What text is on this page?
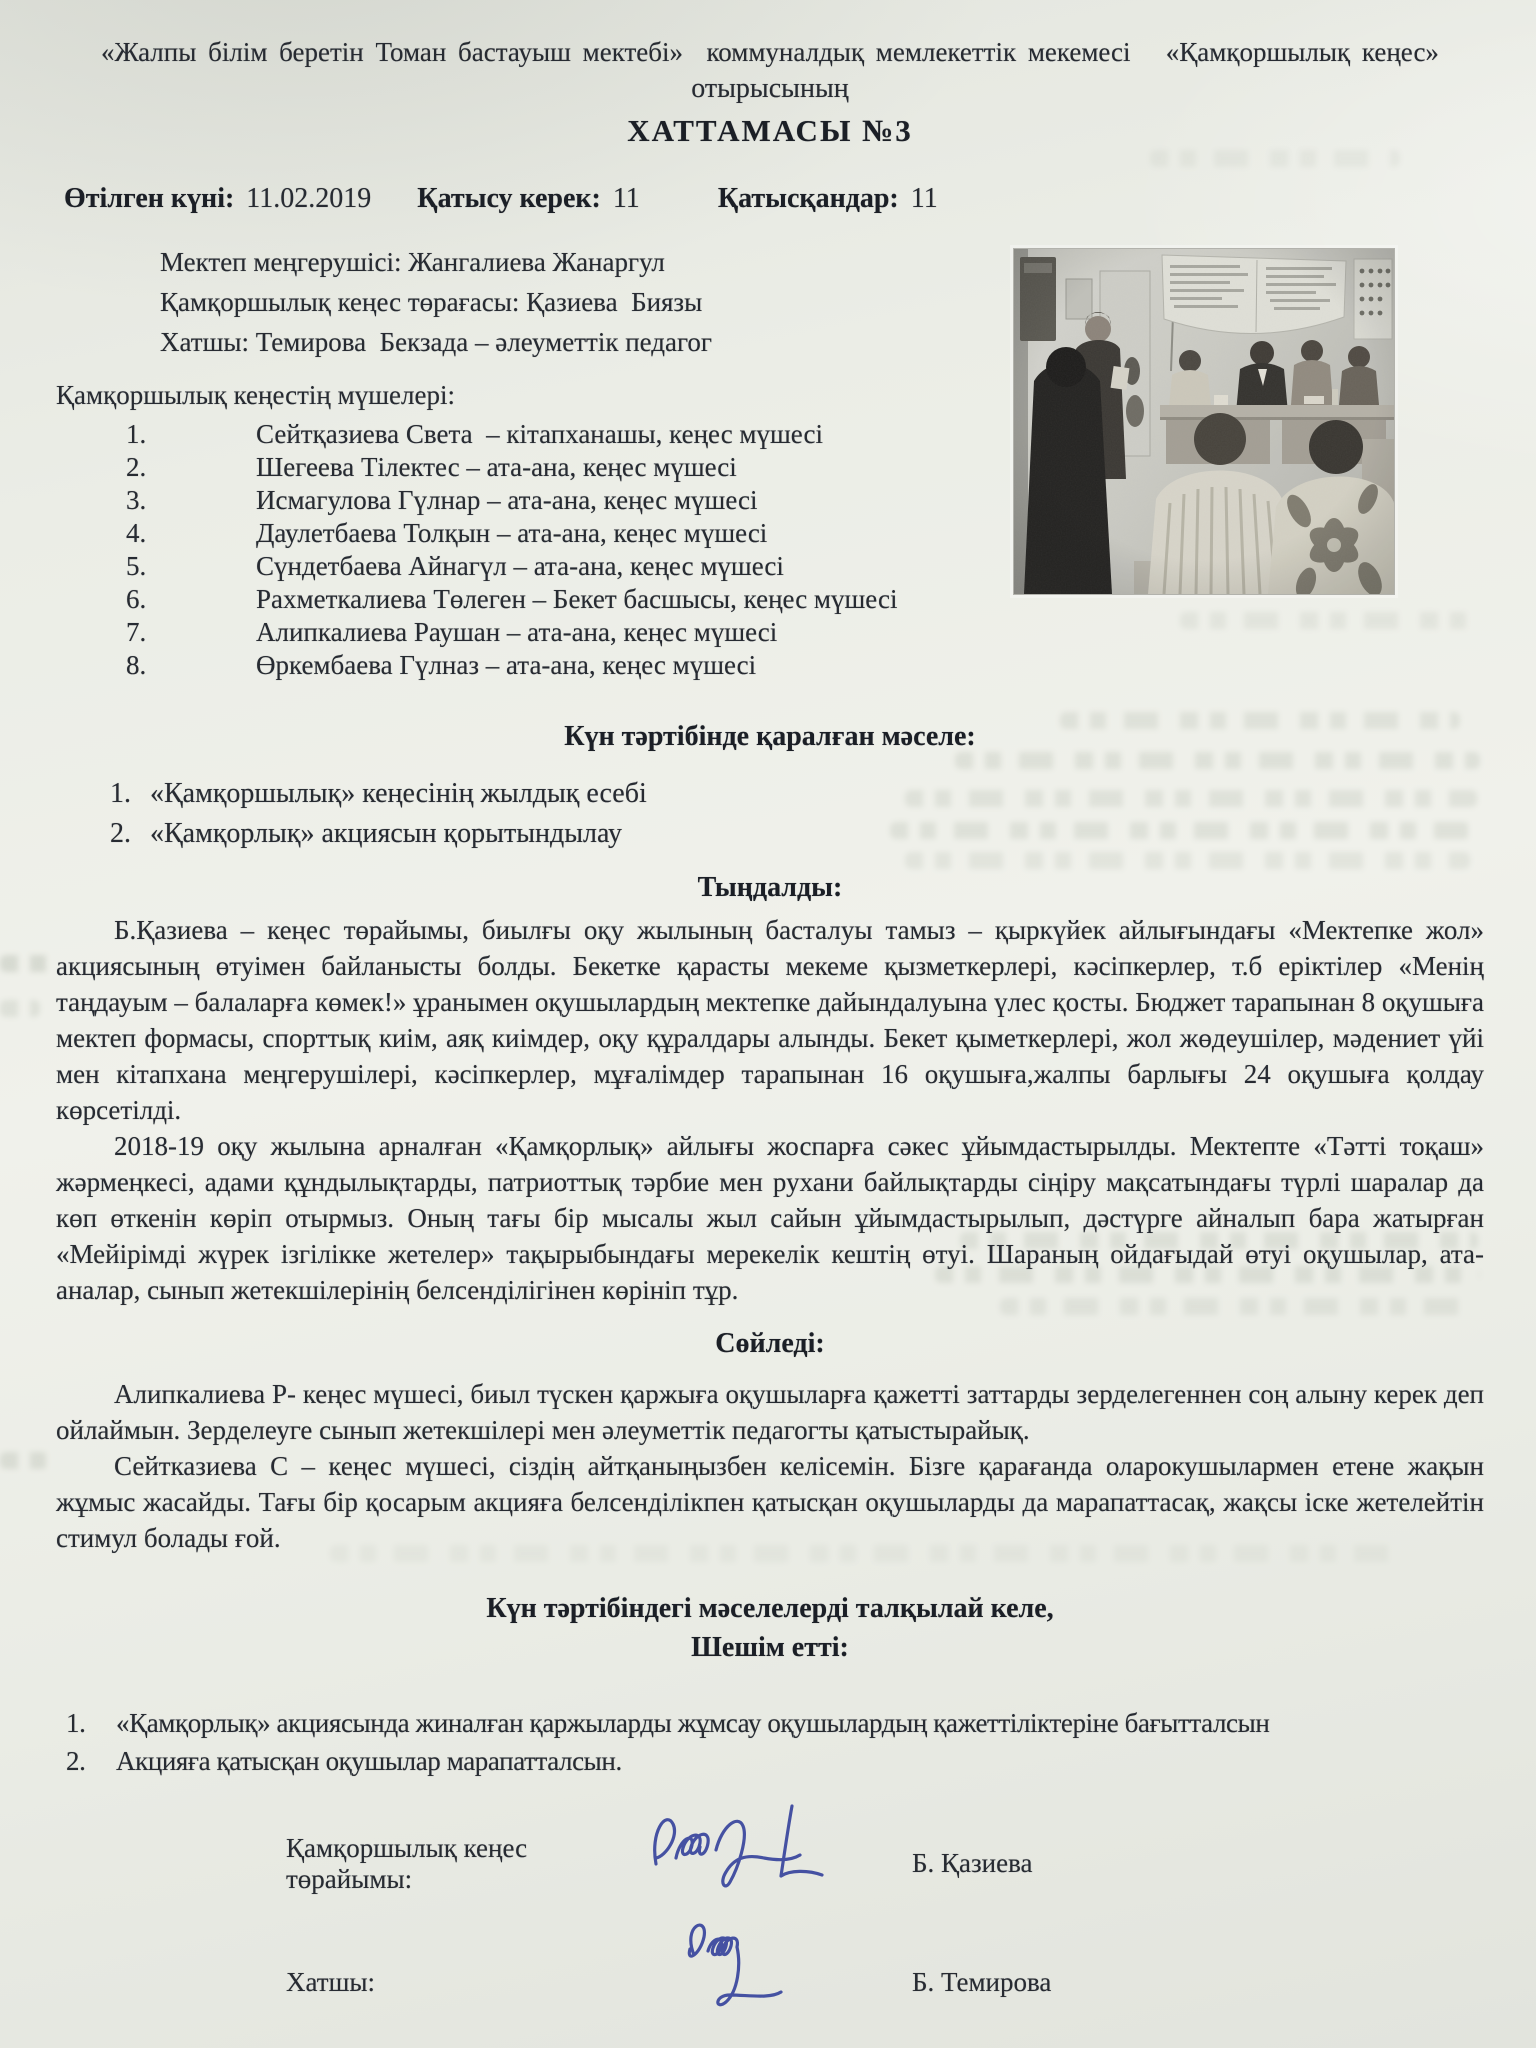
«Жалпы білім беретін Томан бастауыш мектебі»  коммуналдық мемлекеттік мекемесі   «Қамқоршылық кеңес»
отырысының
ХАТТАМАСЫ №3
Өтілген күні: 11.02.2019 Қатысу керек: 11	Қатысқандар: 11
Мектеп меңгерушісі: Жангалиева Жанаргул
Қамқоршылық кеңес төрағасы: Қазиева  Биязы
Хатшы: Темирова  Бекзада – әлеуметтік педагог
Қамқоршылық кеңестің мүшелері:
1.	Сейтқазиева Света  – кітапханашы, кеңес мүшесі
2.	Шегеева Тілектес – ата-ана, кеңес мүшесі
3.	Исмагулова Гүлнар – ата-ана, кеңес мүшесі
4.	Даулетбаева Толқын – ата-ана, кеңес мүшесі
5.	Сүндетбаева Айнагүл – ата-ана, кеңес мүшесі
6.	Рахметкалиева Төлеген – Бекет басшысы, кеңес мүшесі
7.	Алипкалиева Раушан – ата-ана, кеңес мүшесі
8.	Өркембаева Гүлназ – ата-ана, кеңес мүшесі
Күн тәртібінде қаралған мәселе:
1. «Қамқоршылық» кеңесінің жылдық есебі
2. «Қамқорлық» акциясын қорытындылау
Тыңдалды:

Б.Қазиева – кеңес төрайымы, биылғы оқу жылының басталуы тамыз – қыркүйек айлығындағы «Мектепке жол» акциясының өтуімен байланысты болды. Бекетке қарасты мекеме қызметкерлері, кәсіпкерлер, т.б еріктілер «Менің таңдауым – балаларға көмек!» ұранымен оқушылардың мектепке дайындалуына үлес қосты. Бюджет тарапынан 8 оқушыға мектеп формасы, спорттық киім, аяқ киімдер, оқу құралдары алынды. Бекет қыметкерлері, жол жөдеушілер, мәдениет үйі мен кітапхана меңгерушілері, кәсіпкерлер, мұғалімдер тарапынан 16 оқушыға,жалпы барлығы 24 оқушыға қолдау көрсетілді.

2018-19 оқу жылына арналған «Қамқорлық» айлығы жоспарға сәкес ұйымдастырылды. Мектепте «Тәтті тоқаш» жәрмеңкесі, адами құндылықтарды, патриоттық тәрбие мен рухани байлықтарды сіңіру мақсатындағы түрлі шаралар да көп өткенін көріп отырмыз. Оның тағы бір мысалы жыл сайын ұйымдастырылып, дәстүрге айналып бара жатырған «Мейірімді жүрек ізгілікке жетелер» тақырыбындағы мерекелік кештің өтуі. Шараның ойдағыдай өтуі оқушылар, ата-аналар, сынып жетекшілерінің белсенділігінен көрініп тұр.

Сөйледі:

Алипкалиева Р- кеңес мүшесі, биыл түскен қаржыға оқушыларға қажетті заттарды зерделегеннен соң алыну керек деп ойлаймын. Зерделеуге сынып жетекшілері мен әлеуметтік педагогты қатыстырайық.

Сейтказиева С – кеңес мүшесі, сіздің айтқаныңызбен келісемін. Бізге қарағанда оларокушылармен етене жақын жұмыс жасайды. Тағы бір қосарым акцияға белсенділікпен қатысқан оқушыларды да марапаттасақ, жақсы іске жетелейтін стимул болады ғой.

Күн тәртібіндегі мәселелерді талқылай келе,
Шешім етті:
1.	«Қамқорлық» акциясында жиналған қаржыларды жұмсау оқушылардың қажеттіліктеріне бағытталсын
2.	Акцияға қатысқан оқушылар марапатталсын.
Қамқоршылық кеңес төрайымы:
Б. Қазиева
Хатшы:	Б. Темирова
